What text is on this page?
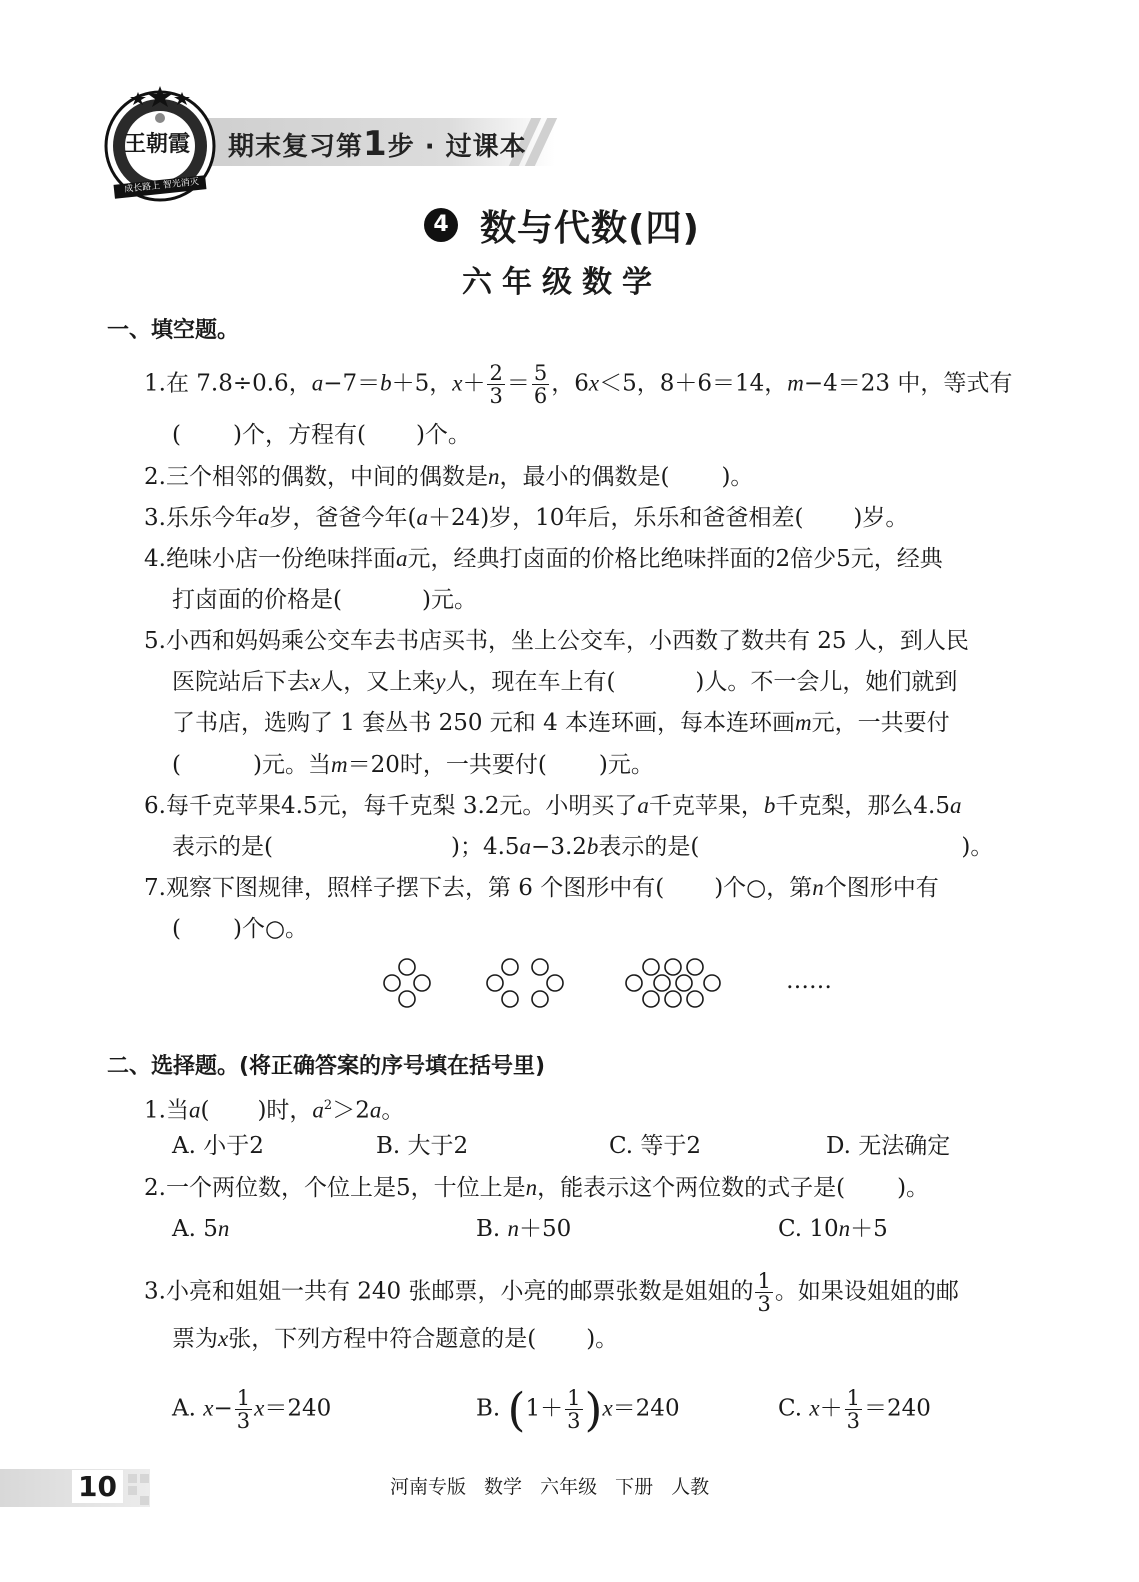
期末复习第1步 · 过课本
王朝霞
成长路上 智光消灭
4 数与代数(四)
六年级数学
一、填空题。
1.在 7.8÷0.6，a−7＝b＋5，$x+ \frac{2}{3} = \frac{5}{6}$ ，6x＜5，8＋6＝14，m−4＝23 中，等式有
( )个，方程有( )个。
2.三个相邻的偶数，中间的偶数是n，最小的偶数是( )。
3.乐乐今年a岁，爸爸今年(a＋24)岁，10年后，乐乐和爸爸相差( )岁。
4.绝味小店一份绝味拌面a元，经典打卤面的价格比绝味拌面的2倍少5元，经典
打卤面的价格是(	)元。
5.小西和妈妈乘公交车去书店买书，坐上公交车，小西数了数共有 25 人，到人民
医院站后下去x人，又上来y人，现在车上有(	)人。不一会儿，她们就到
了书店，选购了 1 套丛书 250 元和 4 本连环画，每本连环画m元，一共要付
(	)元。当m＝20时，一共要付( )元。
6.每千克苹果4.5元，每千克梨 3.2元。小明买了a千克苹果，b千克梨，那么4.5a
表示的是(	)；4.5a−3.2b表示的是(	)。
7.观察下图规律，照样子摆下去，第 6 个图形中有( )个○，第n个图形中有
( )个○。
……
二、选择题。(将正确答案的序号填在括号里)
1.当a( )时，$a^2>2a$。
A. 小于2	B. 大于2	C. 等于2	D. 无法确定
2.一个两位数，个位上是5，十位上是n，能表示这个两位数的式子是( )。
A. 5n	B. n＋50	C. 10n＋5
3.小亮和姐姐一共有 240 张邮票，小亮的邮票张数是姐姐的 $\frac{1}{3}$ 。如果设姐姐的邮
票为x张，下列方程中符合题意的是( )。
A. $x- \frac{1}{3} x=240$	B. $(1+ \frac{1}{3} )x=240$	C. $x+ \frac{1}{3} =240$
10	河南专版 数学 六年级 下册 人教
